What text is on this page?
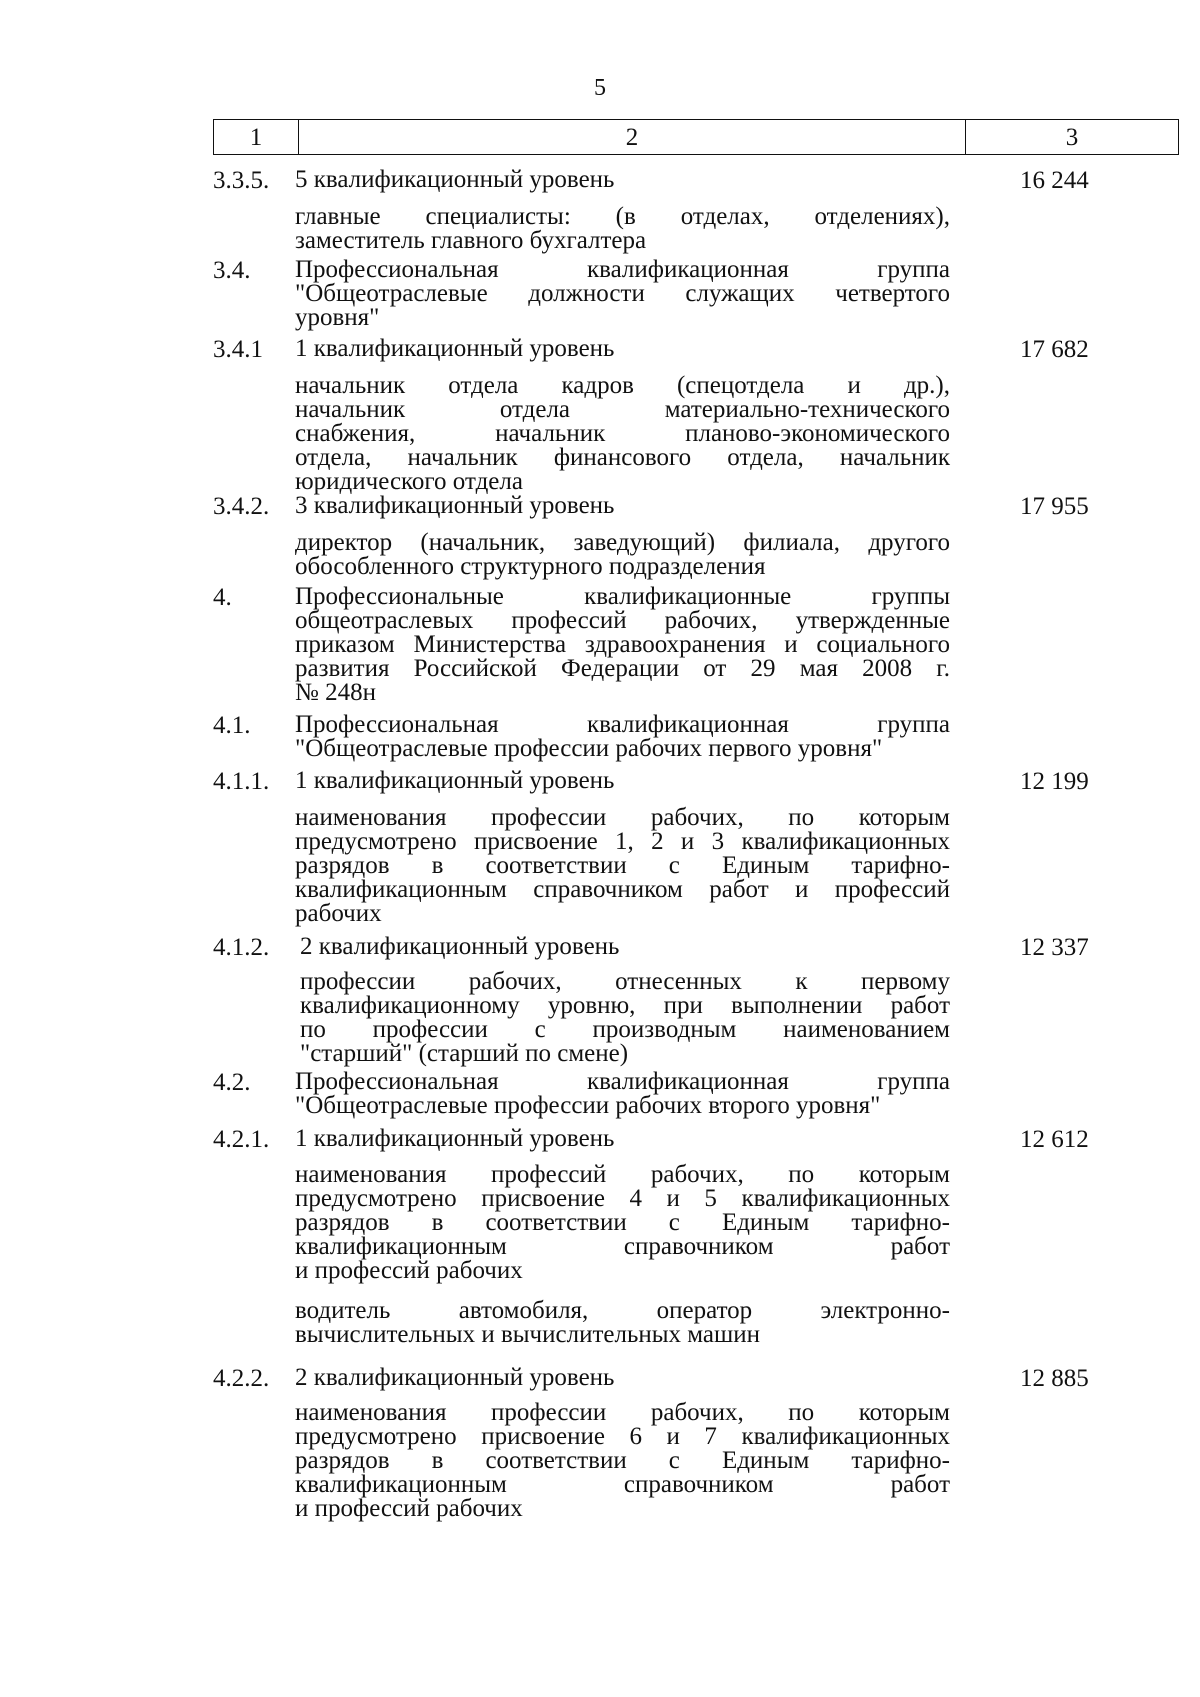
5
1	2	3
3.3.5. 5 квалификационный уровень	16 244
главные специалисты: (в отделах, отделениях),
заместитель главного бухгалтера
3.4. Профессиональная квалификационная группа
"Общеотраслевые должности служащих четвертого
уровня"
3.4.1 1 квалификационный уровень	17 682
начальник отдела кадров (спецотдела и др.),
начальник отдела материально-технического
снабжения, начальник планово-экономического
отдела, начальник финансового отдела, начальник
юридического отдела
3.4.2. 3 квалификационный уровень	17 955
директор (начальник, заведующий) филиала, другого
обособленного структурного подразделения
4.	Профессиональные квалификационные группы
общеотраслевых профессий рабочих, утвержденные
приказом Министерства здравоохранения и социального
развития Российской Федерации от 29 мая 2008 г.
№ 248н
4.1. Профессиональная квалификационная группа
"Общеотраслевые профессии рабочих первого уровня"
4.1.1. 1 квалификационный уровень	12 199
наименования профессии рабочих, по которым
предусмотрено присвоение 1, 2 и 3 квалификационных
разрядов в соответствии с Единым тарифно-
квалификационным справочником работ и профессий
рабочих
4.1.2. 2 квалификационный уровень	12 337
профессии рабочих, отнесенных к первому
квалификационному уровню, при выполнении работ
по профессии с производным наименованием
"старший" (старший по смене)
4.2. Профессиональная квалификационная группа
"Общеотраслевые профессии рабочих второго уровня"
4.2.1. 1 квалификационный уровень	12 612
наименования профессий рабочих, по которым
предусмотрено присвоение 4 и 5 квалификационных
разрядов в соответствии с Единым тарифно-
квалификационным справочником работ
и профессий рабочих
водитель автомобиля, оператор электронно-
вычислительных и вычислительных машин
4.2.2. 2 квалификационный уровень	12 885
наименования профессии рабочих, по которым
предусмотрено присвоение 6 и 7 квалификационных
разрядов в соответствии с Единым тарифно-
квалификационным справочником работ
и профессий рабочих
